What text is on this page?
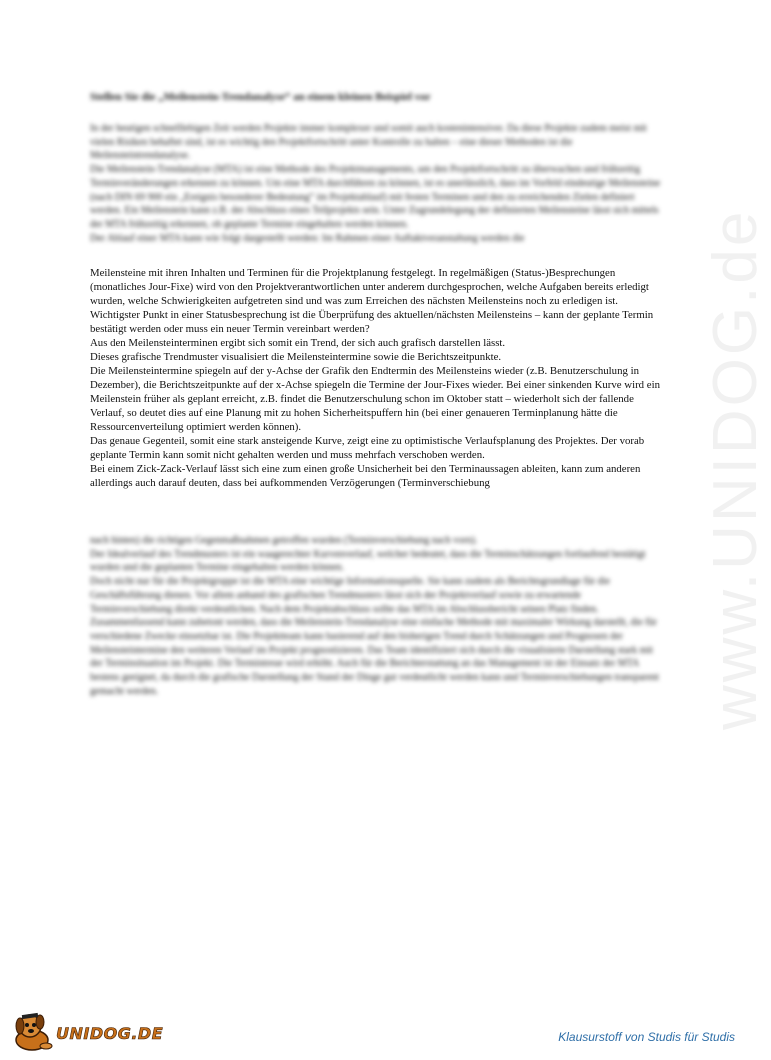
www.UNIDOG.de
Stellen Sie die „Meilenstein-Trendanalyse“ an einem kleinen Beispiel vor

In der heutigen schnelllebigen Zeit werden Projekte immer komplexer und somit auch kostenintensiver. Da diese Projekte zudem meist mit vielen Risiken behaftet sind, ist es wichtig den Projektfortschritt unter Kontrolle zu halten – eine dieser Methoden ist die Meilensteintrendanalyse.

Die Meilenstein-Trendanalyse (MTA) ist eine Methode des Projektmanagements, um den Projektfortschritt zu überwachen und frühzeitig Terminveränderungen erkennen zu können. Um eine MTA durchführen zu können, ist es unerlässlich, dass im Vorfeld eindeutige Meilensteine (nach DIN 69 900 ein „Ereignis besonderer Bedeutung“ im Projektablauf) mit festen Terminen und den zu erreichenden Zielen definiert werden. Ein Meilenstein kann z.B. der Abschluss eines Teilprojekts sein. Unter Zugrundelegung der definierten Meilensteine lässt sich mittels der MTA frühzeitig erkennen, ob geplante Termine eingehalten werden können.

Der Ablauf einer MTA kann wie folgt dargestellt werden: Im Rahmen einer Auftaktveranstaltung werden die

Meilensteine mit ihren Inhalten und Terminen für die Projektplanung festgelegt. In regelmäßigen (Status-)Besprechungen (monatliches Jour-Fixe) wird von den Projektverantwortlichen unter anderem durchgesprochen, welche Aufgaben bereits erledigt wurden, welche Schwierigkeiten aufgetreten sind und was zum Erreichen des nächsten Meilensteins noch zu erledigen ist.

Wichtigster Punkt in einer Statusbesprechung ist die Überprüfung des aktuellen/nächsten Meilensteins – kann der geplante Termin bestätigt werden oder muss ein neuer Termin vereinbart werden?

Aus den Meilensteinterminen ergibt sich somit ein Trend, der sich auch grafisch darstellen lässt.

Dieses grafische Trendmuster visualisiert die Meilensteintermine sowie die Berichtszeitpunkte.

Die Meilensteintermine spiegeln auf der y-Achse der Grafik den Endtermin des Meilensteins wieder (z.B. Benutzerschulung in Dezember), die Berichtszeitpunkte auf der x-Achse spiegeln die Termine der Jour-Fixes wieder. Bei einer sinkenden Kurve wird ein Meilenstein früher als geplant erreicht, z.B. findet die Benutzerschulung schon im Oktober statt – wiederholt sich der fallende Verlauf, so deutet dies auf eine Planung mit zu hohen Sicherheitspuffern hin (bei einer genaueren Terminplanung hätte die Ressourcenverteilung optimiert werden können).

Das genaue Gegenteil, somit eine stark ansteigende Kurve, zeigt eine zu optimistische Verlaufsplanung des Projektes. Der vorab geplante Termin kann somit nicht gehalten werden und muss mehrfach verschoben werden.

Bei einem Zick-Zack-Verlauf lässt sich eine zum einen große Unsicherheit bei den Terminaussagen ableiten, kann zum anderen allerdings auch darauf deuten, dass bei aufkommenden Verzögerungen (Terminverschiebung

nach hinten) die richtigen Gegenmaßnahmen getroffen wurden (Terminverschiebung nach vorn).

Der Idealverlauf des Trendmusters ist ein waagerechter Kurvenverlauf, welcher bedeutet, dass die Terminschätzungen fortlaufend bestätigt wurden und die geplanten Termine eingehalten werden können.

Doch nicht nur für die Projektgruppe ist die MTA eine wichtige Informationsquelle. Sie kann zudem als Berichtsgrundlage für die Geschäftsführung dienen. Vor allem anhand des grafischen Trendmusters lässt sich der Projektverlauf sowie zu erwartende Terminverschiebung direkt verdeutlichen. Nach dem Projektabschluss sollte das MTA im Abschlussbericht seinen Platz finden.

Zusammenfassend kann zubetont werden, dass die Meilenstein-Trendanalyse eine einfache Methode mit maximaler Wirkung darstellt, die für verschiedene Zwecke einsetzbar ist. Die Projektteam kann basierend auf den bisherigen Trend durch Schätzungen und Prognosen der Meilensteintermine den weiteren Verlauf im Projekt prognostizieren. Das Team identifiziert sich durch die visualisierte Darstellung stark mit der Terminsituation im Projekt. Die Termintreue wird erhöht. Auch für die Berichterstattung an das Management ist der Einsatz der MTA bestens geeignet, da durch die grafische Darstellung der Stand der Dinge gut verdeutlicht werden kann und Terminverschiebungen transparent gemacht werden.

UNIDOG.DE	Klausurstoff von Studis für Studis
